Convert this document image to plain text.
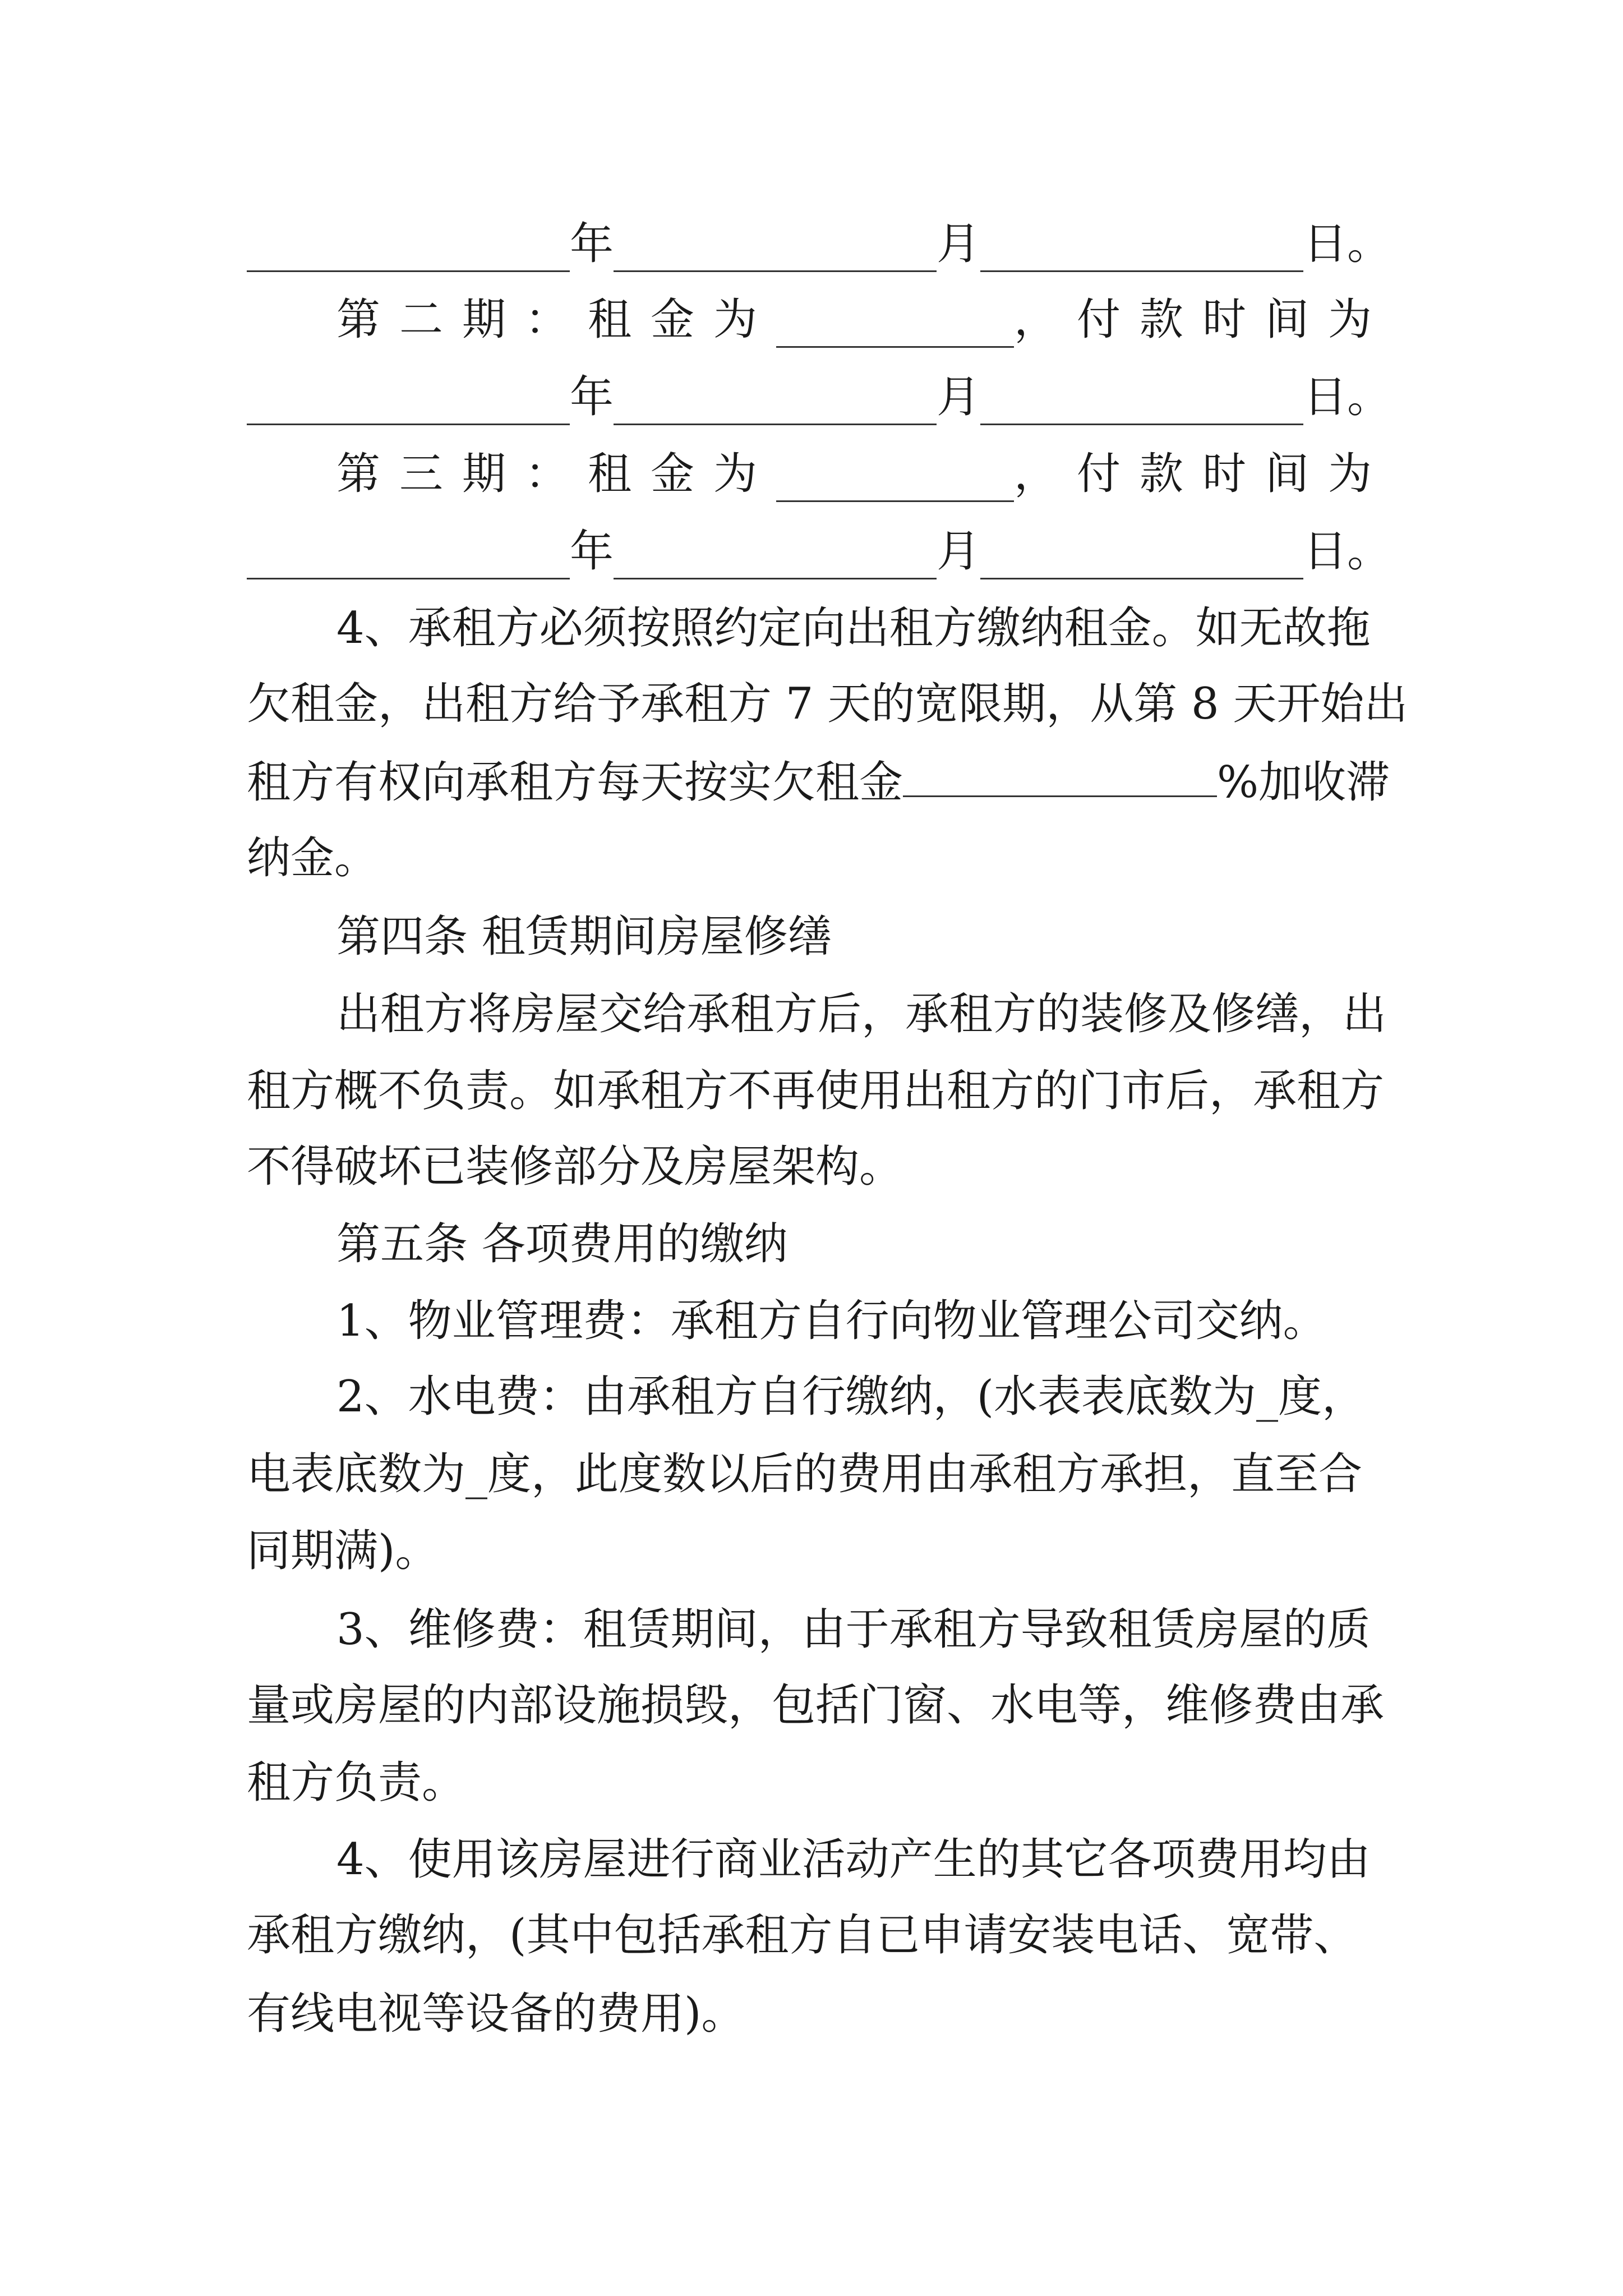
年	月	日。
第二期：租金为	，付款时间为
年	月	日。
第三期：租金为	，付款时间为
年	月	日。
4、承租方必须按照约定向出租方缴纳租金。如无故拖
欠租金，出租方给予承租方 7 天的宽限期，从第 8 天开始出
租方有权向承租方每天按实欠租金	%加收滞
纳金。
第四条 租赁期间房屋修缮
出租方将房屋交给承租方后，承租方的装修及修缮，出
租方概不负责。如承租方不再使用出租方的门市后，承租方
不得破坏已装修部分及房屋架构。
第五条 各项费用的缴纳
1、物业管理费：承租方自行向物业管理公司交纳。
2、水电费：由承租方自行缴纳，(水表表底数为_度，
电表底数为_度，此度数以后的费用由承租方承担，直至合
同期满)。
3、维修费：租赁期间，由于承租方导致租赁房屋的质
量或房屋的内部设施损毁，包括门窗、水电等，维修费由承
租方负责。
4、使用该房屋进行商业活动产生的其它各项费用均由
承租方缴纳，(其中包括承租方自已申请安装电话、宽带、
有线电视等设备的费用)。
